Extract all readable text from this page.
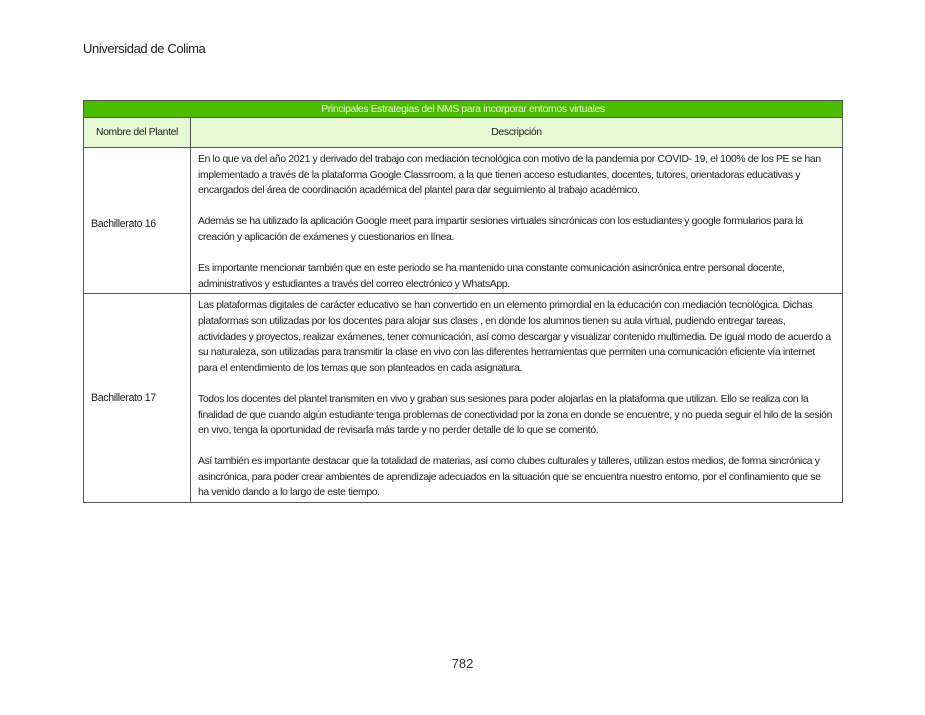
Universidad de Colima
Principales Estrategias del NMS para incorporar entornos virtuales	
Nombre del Plantel	Descripción
Bachillerato 16	En lo que va del año 2021 y derivado del trabajo con mediación tecnológica con motivo de la pandemia por COVID- 19, el 100% de los PE se han implementado a través de la plataforma Google Classrroom, a la que tienen acceso estudiantes, docentes, tutores, orientadoras educativas y encargados del área de coordinación académica del plantel para dar seguimiento al trabajo académico.

Además se ha utilizado la aplicación Google meet para impartir sesiones virtuales sincrónicas con los estudiantes y google formularios para la creación y aplicación de exámenes y cuestionarios en línea.

Es importante mencionar también que en este periodo se ha mantenido una constante comunicación asincrónica entre personal docente, administrativos y estudiantes a través del correo electrónico y WhatsApp.

Bachillerato 17	Las plataformas digitales de carácter educativo se han convertido en un elemento primordial en la educación con mediación tecnológica. Dichas plataformas son utilizadas por los docentes para alojar sus clases , en donde los alumnos tienen su aula virtual, pudiendo entregar tareas, actividades y proyectos, realizar exámenes, tener comunicación, así como descargar y visualizar contenido multimedia. De igual modo de acuerdo a su naturaleza, son utilizadas para transmitir la clase en vivo con las diferentes herramientas que permiten una comunicación eficiente vía internet para el entendimiento de los temas que son planteados en cada asignatura.

Todos los docentes del plantel transmiten en vivo y graban sus sesiones para poder alojarlas en la plataforma que utilizan. Ello se realiza con la finalidad de que cuando algún estudiante tenga problemas de conectividad por la zona en donde se encuentre, y no pueda seguir el hilo de la sesión en vivo, tenga la oportunidad de revisarla más tarde y no perder detalle de lo que se comentó.

Así también es importante destacar que la totalidad de materias, así como clubes culturales y talleres, utilizan estos medios, de forma sincrónica y asincrónica, para poder crear ambientes de aprendizaje adecuados en la situación que se encuentra nuestro entorno, por el confinamiento que se ha venido dando a lo largo de este tiempo.

782
